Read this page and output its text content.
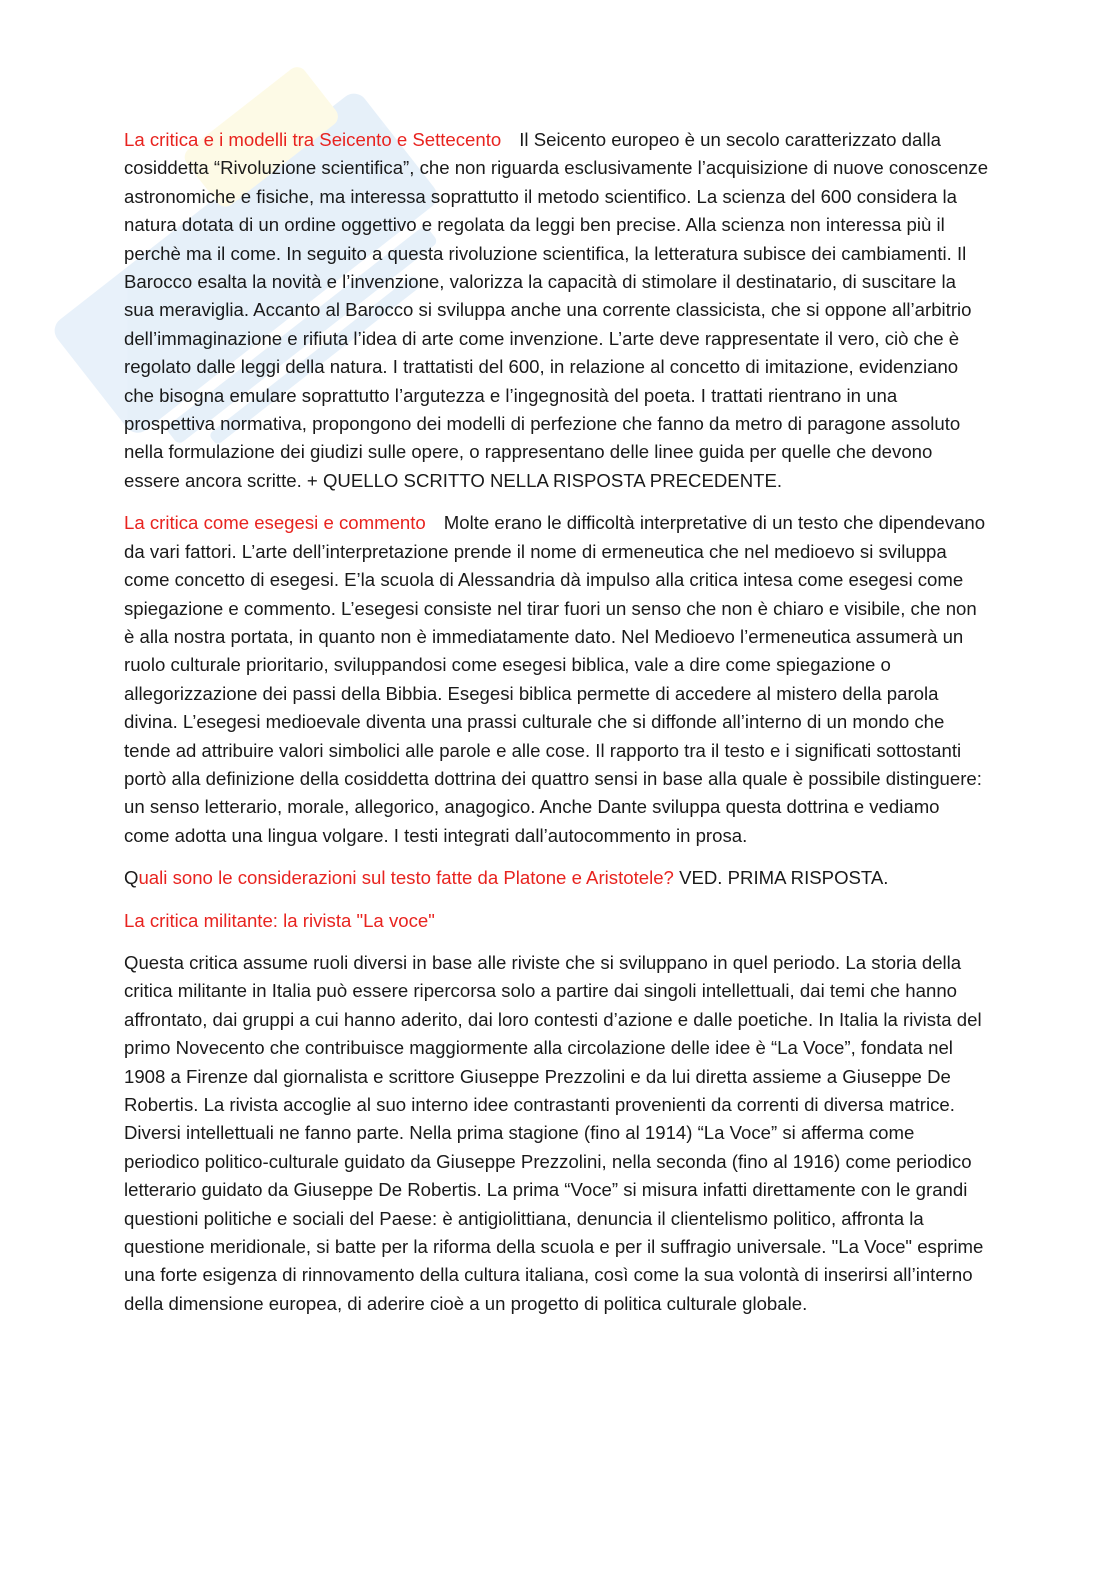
La critica e i modelli tra Seicento e Settecento Il Seicento europeo è un secolo caratterizzato dalla cosiddetta “Rivoluzione scientifica”, che non riguarda esclusivamente l’acquisizione di nuove conoscenze astronomiche e fisiche, ma interessa soprattutto il metodo scientifico. La scienza del 600 considera la natura dotata di un ordine oggettivo e regolata da leggi ben precise. Alla scienza non interessa più il perchè ma il come. In seguito a questa rivoluzione scientifica, la letteratura subisce dei cambiamenti. Il Barocco esalta la novità e l’invenzione, valorizza la capacità di stimolare il destinatario, di suscitare la sua meraviglia. Accanto al Barocco si sviluppa anche una corrente classicista, che si oppone all’arbitrio dell’immaginazione e rifiuta l’idea di arte come invenzione. L’arte deve rappresentate il vero, ciò che è regolato dalle leggi della natura. I trattatisti del 600, in relazione al concetto di imitazione, evidenziano che bisogna emulare soprattutto l’argutezza e l’ingegnosità del poeta. I trattati rientrano in una prospettiva normativa, propongono dei modelli di perfezione che fanno da metro di paragone assoluto nella formulazione dei giudizi sulle opere, o rappresentano delle linee guida per quelle che devono essere ancora scritte. + QUELLO SCRITTO NELLA RISPOSTA PRECEDENTE.

La critica come esegesi e commento Molte erano le difficoltà interpretative di un testo che dipendevano da vari fattori. L’arte dell’interpretazione prende il nome di ermeneutica che nel medioevo si sviluppa come concetto di esegesi. E’la scuola di Alessandria dà impulso alla critica intesa come esegesi come spiegazione e commento. L’esegesi consiste nel tirar fuori un senso che non è chiaro e visibile, che non è alla nostra portata, in quanto non è immediatamente dato. Nel Medioevo l’ermeneutica assumerà un ruolo culturale prioritario, sviluppandosi come esegesi biblica, vale a dire come spiegazione o allegorizzazione dei passi della Bibbia. Esegesi biblica permette di accedere al mistero della parola divina. L’esegesi medioevale diventa una prassi culturale che si diffonde all’interno di un mondo che tende ad attribuire valori simbolici alle parole e alle cose. Il rapporto tra il testo e i significati sottostanti portò alla definizione della cosiddetta dottrina dei quattro sensi in base alla quale è possibile distinguere: un senso letterario, morale, allegorico, anagogico. Anche Dante sviluppa questa dottrina e vediamo come adotta una lingua volgare. I testi integrati dall’autocommento in prosa.

Quali sono le considerazioni sul testo fatte da Platone e Aristotele? VED. PRIMA RISPOSTA.

La critica militante: la rivista "La voce"

Questa critica assume ruoli diversi in base alle riviste che si sviluppano in quel periodo. La storia della critica militante in Italia può essere ripercorsa solo a partire dai singoli intellettuali, dai temi che hanno affrontato, dai gruppi a cui hanno aderito, dai loro contesti d’azione e dalle poetiche. In Italia la rivista del primo Novecento che contribuisce maggiormente alla circolazione delle idee è “La Voce”, fondata nel 1908 a Firenze dal giornalista e scrittore Giuseppe Prezzolini e da lui diretta assieme a Giuseppe De Robertis. La rivista accoglie al suo interno idee contrastanti provenienti da correnti di diversa matrice. Diversi intellettuali ne fanno parte. Nella prima stagione (fino al 1914) “La Voce” si afferma come periodico politico-culturale guidato da Giuseppe Prezzolini, nella seconda (fino al 1916) come periodico letterario guidato da Giuseppe De Robertis. La prima “Voce” si misura infatti direttamente con le grandi questioni politiche e sociali del Paese: è antigiolittiana, denuncia il clientelismo politico, affronta la questione meridionale, si batte per la riforma della scuola e per il suffragio universale. "La Voce" esprime una forte esigenza di rinnovamento della cultura italiana, così come la sua volontà di inserirsi all’interno della dimensione europea, di aderire cioè a un progetto di politica culturale globale.
